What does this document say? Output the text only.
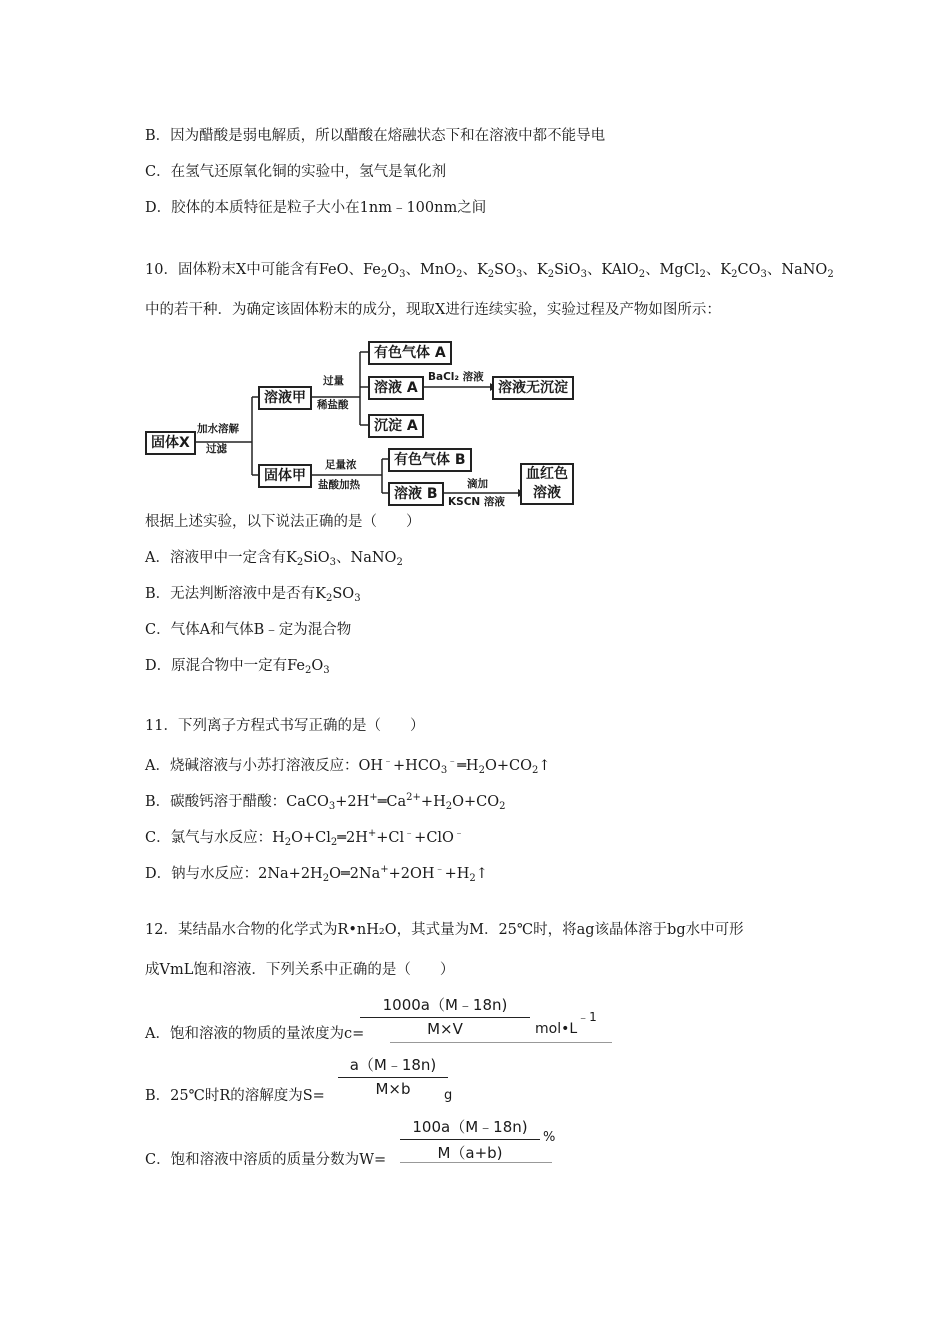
B．因为醋酸是弱电解质，所以醋酸在熔融状态下和在溶液中都不能导电
C．在氢气还原氧化铜的实验中，氢气是氧化剂
D．胶体的本质特征是粒子大小在1nm﹣100nm之间
10．固体粉末X中可能含有FeO、$Fe_2O_3$、MnO$_2$、$K_2SO_3$、$K_2SiO_3$、KAlO$_2$、MgCl$_2$、$K_2CO_3$、NaNO$_2$
中的若干种．为确定该固体粉末的成分，现取X进行连续实验，实验过程及产物如图所示：
固体X
加水溶解
过滤
溶液甲
过量
稀盐酸
有色气体 A
溶液 A
BaCl₂ 溶液
溶液无沉淀
沉淀 A
固体甲
足量浓
盐酸加热
有色气体 B
溶液 B
滴加
KSCN 溶液
血红色
溶液
根据上述实验，以下说法正确的是（　　）
A．溶液甲中一定含有$K_2SiO_3$、NaNO$_2$
B．无法判断溶液中是否有$K_2SO_3$
C．气体A和气体B﹣定为混合物
D．原混合物中一定有$Fe_2O_3$
11．下列离子方程式书写正确的是（　　）
A．烧碱溶液与小苏打溶液反应：$OH^﹣+HCO_3^﹣═H_2O+CO_2↑$
B．碳酸钙溶于醋酸：$CaCO_3+2H^+═Ca^{2+}+H_2O+CO_2$
C．氯气与水反应：$H_2O+Cl_2═2H^++Cl^﹣+ClO^﹣$
D．钠与水反应：$2Na+2H_2O═2Na^++2OH^﹣+H_2↑$
12．某结晶水合物的化学式为R•nH₂O，其式量为M．25℃时，将ag该晶体溶于bg水中可形
成VmL饱和溶液．下列关系中正确的是（　　）
A．饱和溶液的物质的量浓度为c=
1000a（M﹣18n)
M×V	mol•L﹣1
B．25℃时R的溶解度为S=
a（M﹣18n)
M×b	g
C．饱和溶液中溶质的质量分数为W=
100a（M﹣18n)
M（a+b)
%
